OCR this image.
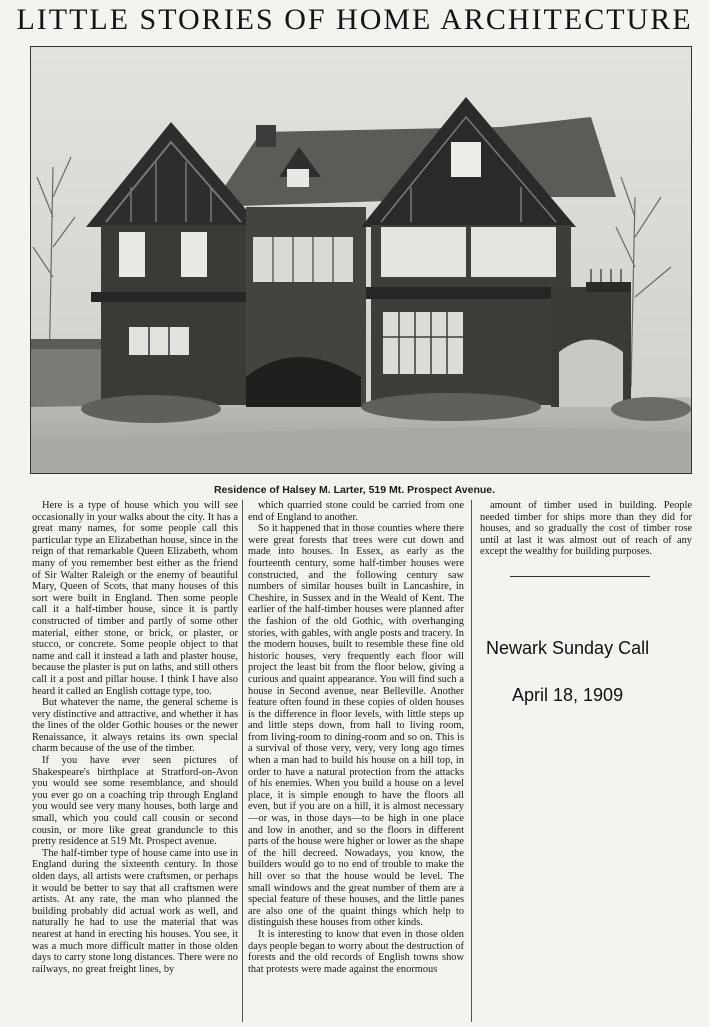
LITTLE STORIES OF HOME ARCHITECTURE
Residence of Halsey M. Larter, 519 Mt. Prospect Avenue.

Here is a type of house which you will see occasionally in your walks about the city. It has a great many names, for some people call this particular type an Elizabethan house, since in the reign of that remarkable Queen Elizabeth, whom many of you remember best either as the friend of Sir Walter Raleigh or the enemy of beautiful Mary, Queen of Scots, that many houses of this sort were built in England. Then some people call it a half-timber house, since it is partly constructed of timber and partly of some other material, either stone, or brick, or plaster, or stucco, or concrete. Some people object to that name and call it instead a lath and plaster house, because the plaster is put on laths, and still others call it a post and pillar house. I think I have also heard it called an English cottage type, too.

But whatever the name, the general scheme is very distinctive and attractive, and whether it has the lines of the older Gothic houses or the newer Renaissance, it always retains its own special charm because of the use of the timber.

If you have ever seen pictures of Shakespeare's birthplace at Stratford-on-Avon you would see some resemblance, and should you ever go on a coaching trip through England you would see very many houses, both large and small, which you could call cousin or second cousin, or more like great granduncle to this pretty residence at 519 Mt. Prospect avenue.

The half-timber type of house came into use in England during the sixteenth century. In those olden days, all artists were craftsmen, or perhaps it would be better to say that all craftsmen were artists. At any rate, the man who planned the building probably did actual work as well, and naturally he had to use the material that was nearest at hand in erecting his houses. You see, it was a much more difficult matter in those olden days to carry stone long distances. There were no railways, no great freight lines, by

which quarried stone could be carried from one end of England to another.

So it happened that in those counties where there were great forests that trees were cut down and made into houses. In Essex, as early as the fourteenth century, some half-timber houses were constructed, and the following century saw numbers of similar houses built in Lancashire, in Cheshire, in Sussex and in the Weald of Kent. The earlier of the half-timber houses were planned after the fashion of the old Gothic, with overhanging stories, with gables, with angle posts and tracery. In the modern houses, built to resemble these fine old historic houses, very frequently each floor will project the least bit from the floor below, giving a curious and quaint appearance. You will find such a house in Second avenue, near Belleville. Another feature often found in these copies of olden houses is the difference in floor levels, with little steps up and little steps down, from hall to living room, from living-room to dining-room and so on. This is a survival of those very, very, very long ago times when a man had to build his house on a hill top, in order to have a natural protection from the attacks of his enemies. When you build a house on a level place, it is simple enough to have the floors all even, but if you are on a hill, it is almost necessary—or was, in those days—to be high in one place and low in another, and so the floors in different parts of the house were higher or lower as the shape of the hill decreed. Nowadays, you know, the builders would go to no end of trouble to make the hill over so that the house would be level. The small windows and the great number of them are a special feature of these houses, and the little panes are also one of the quaint things which help to distinguish these houses from other kinds.

It is interesting to know that even in those olden days people began to worry about the destruction of forests and the old records of English towns show that protests were made against the enormous

amount of timber used in building. People needed timber for ships more than they did for houses, and so gradually the cost of timber rose until at last it was almost out of reach of any except the wealthy for building purposes.

Newark Sunday Call
April 18, 1909
